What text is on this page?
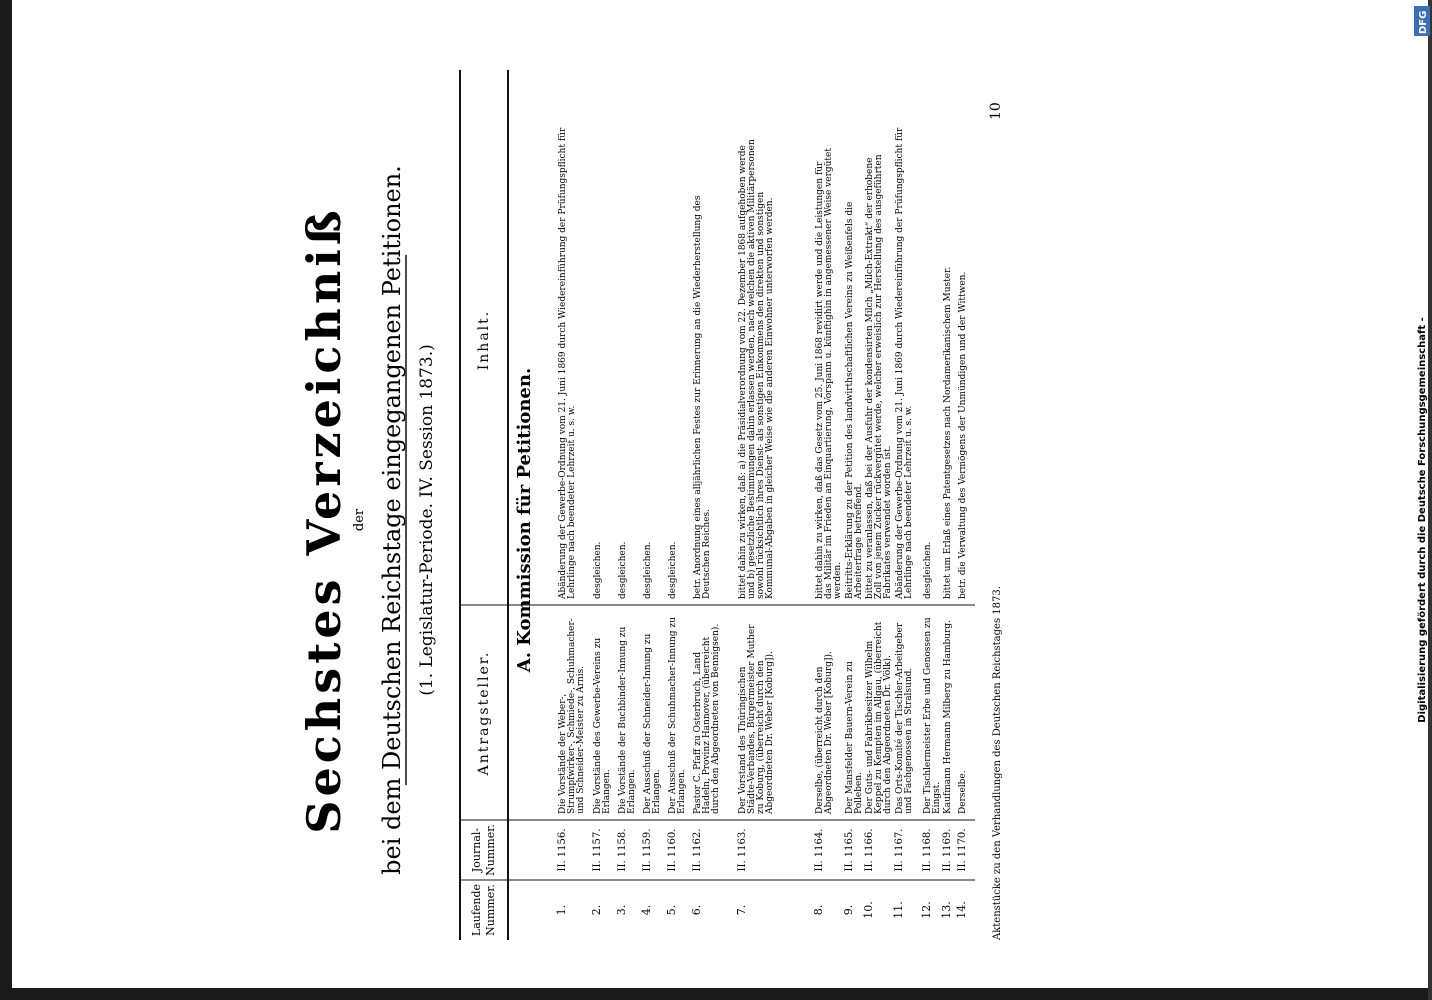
Sechstes Verzeichniß der bei dem Deutschen Reichstage eingegangenen Petitionen. (1. Legislatur-Periode. IV. Session 1873.)
Laufende Nummer.
Journal- Nummer.
Antragsteller.
Inhalt.
A. Kommission für Petitionen.
1.
II. 1156.
Die Vorstände der Weber-,Strumpfwirker-, Schmiede-, Schuhmacher-und Schneider-Meister zu Arnis.
Abänderung der Gewerbe-Ordnung vom 21. Juni 1869 durch Wiedereinführung der Prüfungspflicht fürLehrlinge nach beendeter Lehrzeit u. s. w.
2.
II. 1157.
Die Vorstände des Gewerbe-Vereins zuErlangen.
desgleichen.
3.
II. 1158.
Die Vorstände der Buchbinder-Innung zuErlangen.
desgleichen.
4.
II. 1159.
Der Ausschuß der Schneider-Innung zuErlangen.
desgleichen.
5.
II. 1160.
Der Ausschuß der Schuhmacher-Innung zuErlangen.
desgleichen.
6.
II. 1162.
Pastor C. Pfaff zu Osterbruch, LandHadeln, Provinz Hannover, (überreichtdurch den Abgeordneten von Bennigsen).
betr. Anordnung eines alljährlichen Festes zur Erinnerung an die Wiederherstellung desDeutschen Reiches.
7.
II. 1163.
Der Vorstand des ThüringischenStädte-Verbandes, Bürgermeister Mutherzu Koburg, (überreicht durch denAbgeordneten Dr. Weber [Koburg]).
bittet dahin zu wirken, daß: a) die Präsidialverordnung vom 22. Dezember 1868 aufgehoben werdeund b) gesetzliche Bestimmungen dahin erlassen werden, nach welchen die aktiven Militärpersonensowohl rücksichtlich ihres Dienst- als sonstigen Einkommens den direkten und sonstigenKommunal-Abgaben in gleicher Weise wie die anderen Einwohner unterworfen werden.
8.
II. 1164.
Derselbe, (überreicht durch denAbgeordneten Dr. Weber [Koburg]).
bittet dahin zu wirken, daß das Gesetz vom 25. Juni 1868 revidirt werde und die Leistungen fürdas Militär im Frieden an Einquartierung, Vorspann u. künftighin in angemessener Weise vergütetwerden.
9.
II. 1165.
Der Mansfelder Bauern-Verein zuPolleben.
Beitritts-Erklärung zu der Petition des landwirthschaftlichen Vereins zu Weißenfels dieArbeiterfrage betreffend.
10.
II. 1166.
Der Guts- und Fabrikbesitzer WilhelmKeppel zu Kempten im Allgau, (überreichtdurch den Abgeordneten Dr. Völk).
bittet zu veranlassen, daß bei der Ausfuhr der kondensirten Milch „Milch-Extrakt“ der erhobeneZoll von jenem Zucker rückvergütet werde, welcher erweislich zur Herstellung des ausgeführtenFabrikates verwendet worden ist.
11.
II. 1167.
Das Orts-Komité der Tischler-Arbeitgeberund Fachgenossen in Stralsund.
Abänderung der Gewerbe-Ordnung vom 21. Juni 1869 durch Wiedereinführung der Prüfungspflicht fürLehrlinge nach beendeter Lehrzeit u. s. w.
12.
II. 1168.
Der Tischlermeister Erbe und Genossen zuEingst.
desgleichen.
13.
II. 1169.
Kaufmann Hermann Milberg zu Hamburg.
bittet um Erlaß eines Patentgesetzes nach Nordamerikanischem Muster.
14.
II. 1170.
Derselbe.
betr. die Verwaltung des Vermögens der Unmündigen und der Wittwen.
Aktenstücke zu den Verhandlungen des Deutschen Reichstages 1873.
10
Digitalisierung gefördert durch die Deutsche Forschungsgemeinschaft -
DFG
